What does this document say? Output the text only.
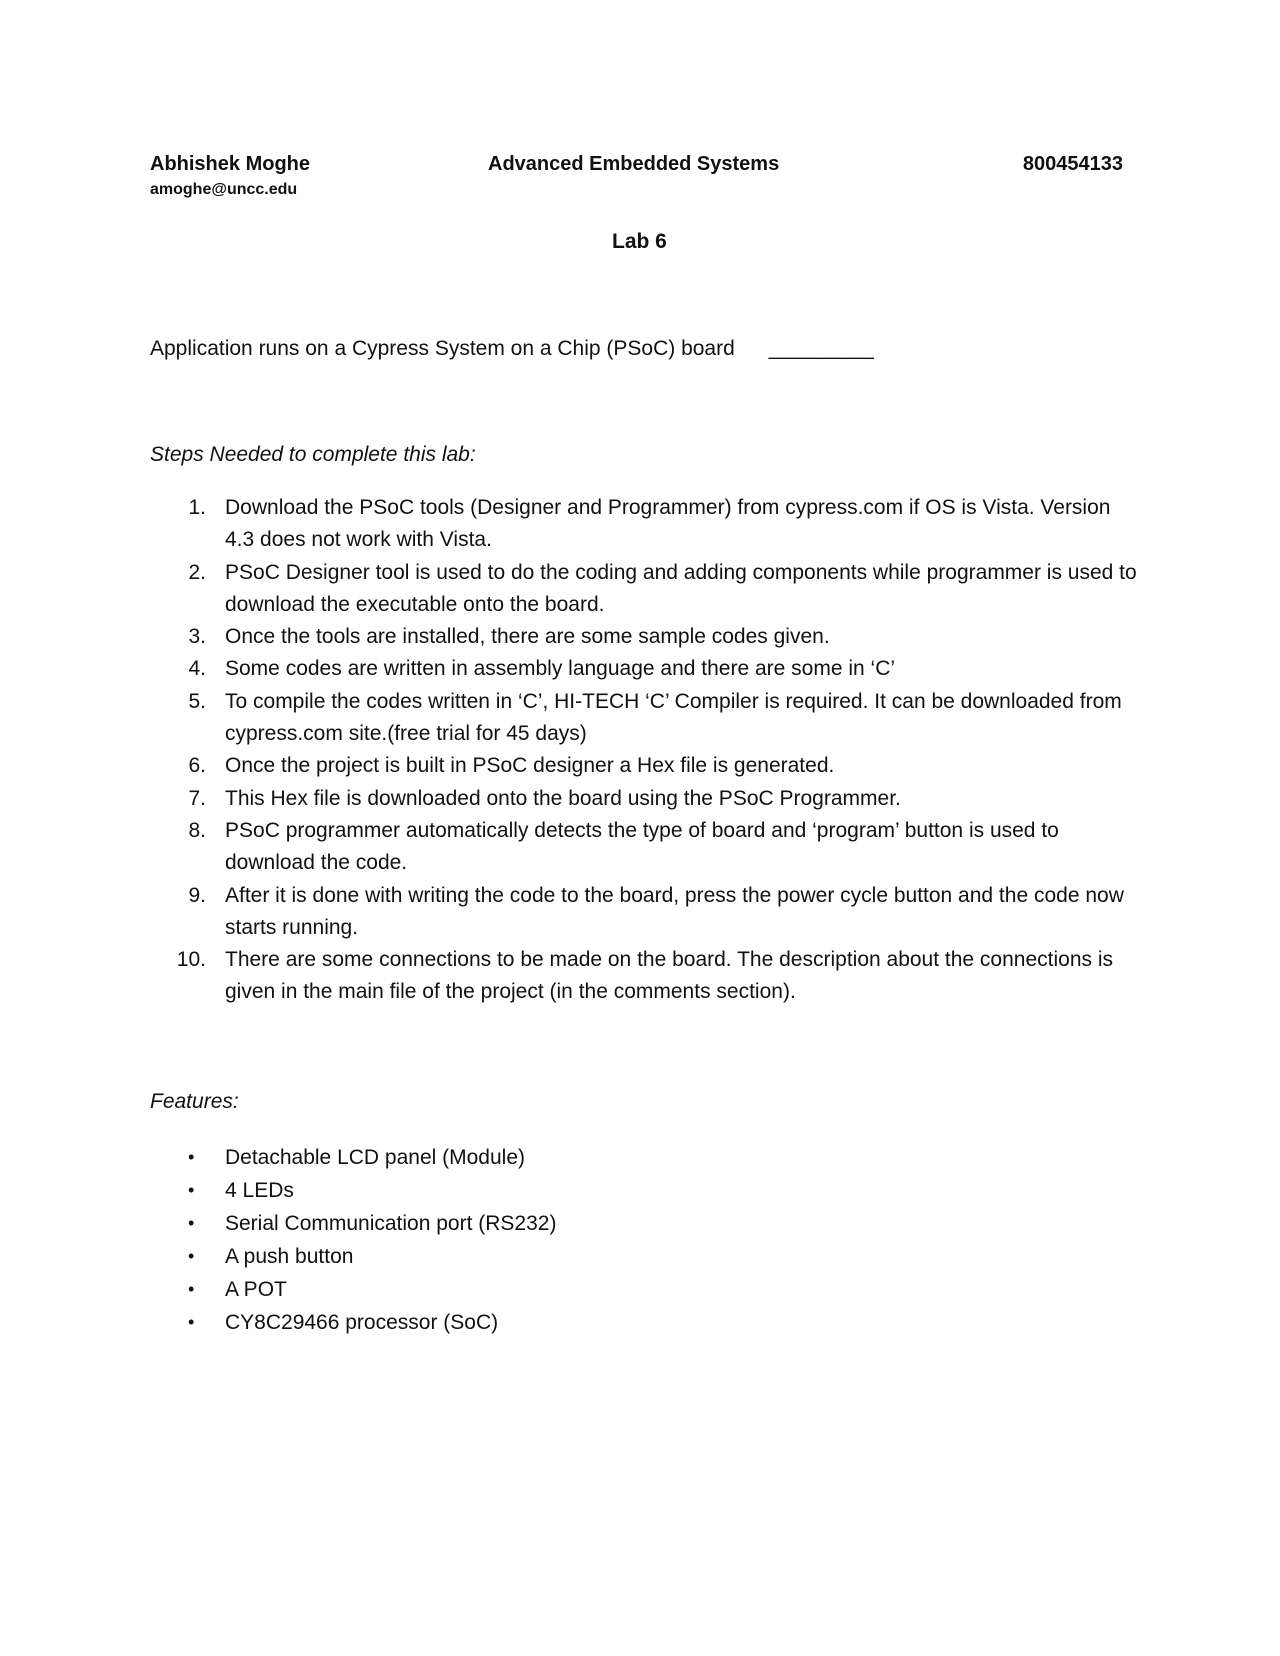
Abhishek Moghe	Advanced Embedded Systems	800454133
amoghe@uncc.edu
Lab 6
Application runs on a Cypress System on a Chip (PSoC) board _________
Steps Needed to complete this lab:
1. Download the PSoC tools (Designer and Programmer) from cypress.com if OS is Vista. Version 4.3 does not work with Vista.
2. PSoC Designer tool is used to do the coding and adding components while programmer is used to download the executable onto the board.
3. Once the tools are installed, there are some sample codes given.
4. Some codes are written in assembly language and there are some in ‘C’
5. To compile the codes written in ‘C’, HI-TECH ‘C’ Compiler is required. It can be downloaded from cypress.com site.(free trial for 45 days)
6. Once the project is built in PSoC designer a Hex file is generated.
7. This Hex file is downloaded onto the board using the PSoC Programmer.
8. PSoC programmer automatically detects the type of board and ‘program’ button is used to download the code.
9. After it is done with writing the code to the board, press the power cycle button and the code now starts running.
10. There are some connections to be made on the board. The description about the connections is given in the main file of the project (in the comments section).
Features:
• Detachable LCD panel (Module)
• 4 LEDs
• Serial Communication port (RS232)
• A push button
• A POT
• CY8C29466 processor (SoC)
